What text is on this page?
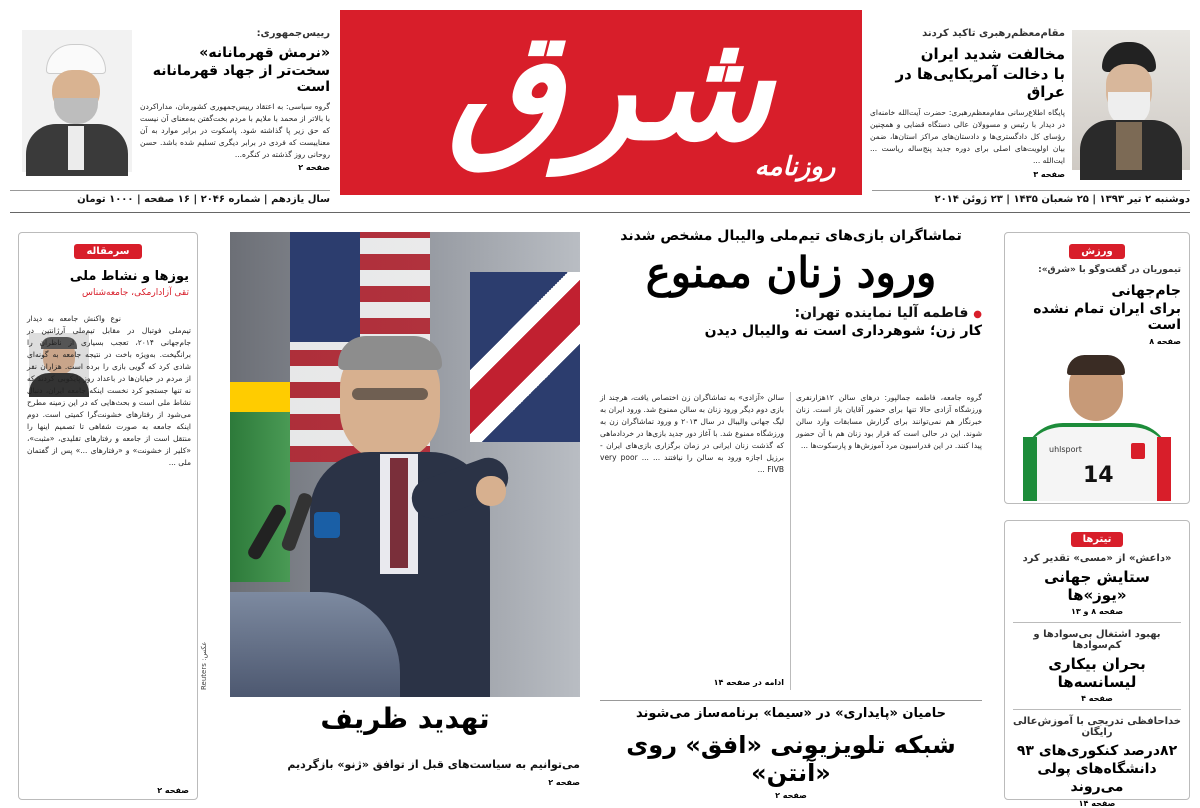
شرق
روزنامه
دوشنبه ۲ تیر ۱۳۹۳ | ۲۵ شعبان ۱۴۳۵ | ۲۳ ژوئن ۲۰۱۴
سال یازدهم | شماره ۲۰۴۶ | ۱۶ صفحه | ۱۰۰۰ تومان
مقام‌معظم‌رهبری تاکید کردند
مخالفت شدید ایران
با دخالت آمریکایی‌ها در عراق
پایگاه اطلاع‌رسانی مقام‌معظم‌رهبری: حضرت آیت‌الله خامنه‌ای در دیدار با رئیس و مسوولان عالی دستگاه قضایی و همچنین رؤسای کل دادگستری‌ها و دادستان‌های مراکز استان‌ها، ضمن بیان اولویت‌های اصلی برای دوره جدید پنج‌ساله ریاست ... ایت‌الله ...
صفحه ۳
رییس‌جمهوری:
«نرمش قهرمانانه»
سخت‌تر از جهاد قهرمانانه است
گروه سیاسی: به اعتقاد رییس‌جمهوری کشورمان، مدارا‌کردن با بالاتر از محمد با ملایم با مردم بخت‌گفتن به‌معنای آن نیست که حق زیر پا گذاشته شود. پاسکوت در برابر موارد به آن معناییست که فردی در برابر دیگری تسلیم شده باشد. حسن روحانی روز گذشته در کنگره...
صفحه ۲
سرمقاله
یوزها و نشاط ملی
تقی آزاد‌ارمکی، جامعه‌شناس
نوع واکنش جامعه به دیدار تیم‌ملی فوتبال در مقابل تیم‌ملی آرژانتین در جام‌جهانی ۲۰۱۴، تعجب بسیاری از ناظران را برانگیخت. به‌ویژه باخت در نتیجه جامعه به گونه‌ای شادی کرد که گویی بازی را برده است. هزاران نفر از مردم در خیابان‌ها در باعداد روز پایکوبی کردند که نه تنها جستجو کرد نخست اینکه جامعه ایران، دنبال نشاط ملی است و بحث‌هایی که در این زمینه مطرح می‌شود از رفتارهای خشونت‌گرا کمیتی است. دوم اینکه جامعه به‌ صورت شفاهی تا تصمیم اینها را منتقل است از جامعه و رفتارهای تقلیدی، «مثبت»، «کلیر از خشونت» و «رفتارهای ...» پس از گفتمان ملی ...
صفحه ۲
Reuters :عکس
تهدید ظریف
می‌توانیم به سیاست‌های قبل از توافق «ژنو» بازگردیم
صفحه ۲
تماشاگران بازی‌های تیم‌ملی والیبال مشخص شدند
ورود زنان ممنوع
● فاطمه آلیا نماینده تهران:
کار زن؛ شوهرداری است نه والیبال دیدن
گروه جامعه، فاطمه جمالپور: در‌های سالن ۱۲هزار‌نفری ورزشگاه آزادی حالا تنها برای حضور آقایان باز است. زنان خبرنگار هم نمی‌توانند برای گزارش مسابقات وارد سالن شوند. این در حالی است که قرار بود زنان هم با آن حضور پیدا کنند. در این فدراسیون مرد آموزش‌ها و پارسکوت‌ها ...
سالن «آزادی» به تماشاگران زن اختصاص یافت، هرچند از بازی دوم دیگر ورود زنان به سالن ممنوع شد. ورود ایران به لیگ جهانی والیبال در سال ۲۰۱۳ و ورود تماشاگران زن به ورزشگاه ممنوع شد. با آغاز دور جدید بازی‌ها در خرداد‌ماهی که گذشت زنان ایرانی در زمان برگزاری بازی‌های ایران - برزیل اجازه ورود به سالن را نیافتند ... very poor ... FIVB ...
ادامه در صفحه ۱۴
حامیان «پایداری» در «سیما» برنامه‌ساز می‌شوند
شبکه تلویزیونی «افق» روی «آنتن»
صفحه ۲
ورزش
تیموریان در گفت‌وگو با «شرق»:
جام‌جهانی
برای ایران تمام نشده است
صفحه ۸
uhlsport
14
تیترها
«داعش» از «مسی» تقدیر کرد
ستایش جهانی «یوز»ها
صفحه ۸ و ۱۳
بهبود اشتغال بی‌سوادها و کم‌سوادها
بحران بیکاری لیسانسه‌ها
صفحه ۴
خداحافظی تدریجی با آموزش‌عالی رایگان
۸۲درصد کنکوری‌های ۹۳ دانشگاه‌های پولی می‌روند
صفحه ۱۴
